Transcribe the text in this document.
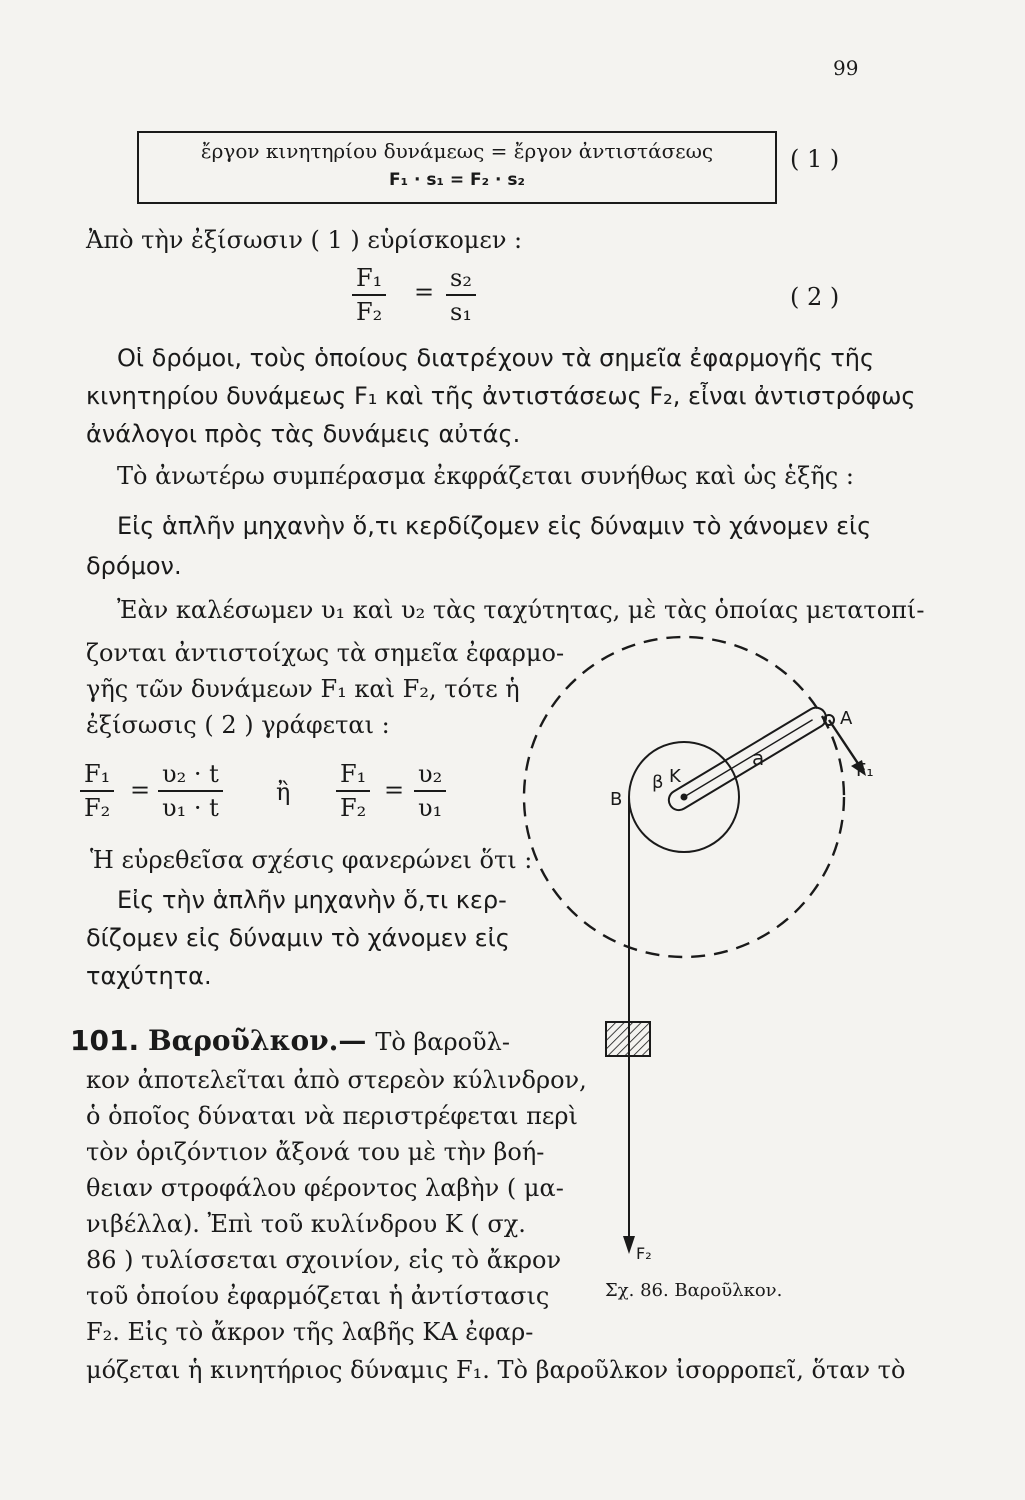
99
ἔργον κινητηρίου δυνάμεως = ἔργον ἀντιστάσεως
F₁ · s₁ = F₂ · s₂
( 1 )
Ἀπὸ τὴν ἐξίσωσιν ( 1 ) εὑρίσκομεν :
F₁
F₂
= s₂
s₁
( 2 )
Οἱ δρόμοι, τοὺς ὁποίους διατρέχουν τὰ σημεῖα ἐφαρμογῆς τῆς
κινητηρίου δυνάμεως F₁ καὶ τῆς ἀντιστάσεως F₂, εἶναι ἀντιστρόφως
ἀνάλογοι πρὸς τὰς δυνάμεις αὐτάς.
Τὸ ἀνωτέρω συμπέρασμα ἐκφράζεται συνήθως καὶ ὡς ἑξῆς :
Εἰς ἁπλῆν μηχανὴν ὅ,τι κερδίζομεν εἰς δύναμιν τὸ χάνομεν εἰς
δρόμον.
Ἐὰν καλέσωμεν υ₁ καὶ υ₂ τὰς ταχύτητας, μὲ τὰς ὁποίας μετατοπί-
ζονται ἀντιστοίχως τὰ σημεῖα ἐφαρμο-
γῆς τῶν δυνάμεων F₁ καὶ F₂, τότε ἡ
ἐξίσωσις ( 2 ) γράφεται :
F₁
F₂
=
υ₂ · t
υ₁ · t
ἢ
F₁
F₂
=
υ₂
υ₁
Ἡ εὑρεθεῖσα σχέσις φανερώνει ὅτι :
Εἰς τὴν ἁπλῆν μηχανὴν ὅ,τι κερ-
δίζομεν εἰς δύναμιν τὸ χάνομεν εἰς
ταχύτητα.
101. Βαροῦλκον.— Τὸ βαροῦλ-
κον ἀποτελεῖται ἀπὸ στερεὸν κύλινδρον,
ὁ ὁποῖος δύναται νὰ περιστρέφεται περὶ
τὸν ὁριζόντιον ἄξονά του μὲ τὴν βοή-
θειαν στροφάλου φέροντος λαβὴν ( μα-
νιβέλλα). Ἐπὶ τοῦ κυλίνδρου Κ ( σχ.
86 ) τυλίσσεται σχοινίον, εἰς τὸ ἄκρον
τοῦ ὁποίου ἐφαρμόζεται ἡ ἀντίστασις
F₂. Εἰς τὸ ἄκρον τῆς λαβῆς ΚΑ ἐφαρ-
μόζεται ἡ κινητήριος δύναμις F₁. Τὸ βαροῦλκον ἰσορροπεῖ, ὅταν τὸ
A
a
F₁
K
β
B
F₂
Σχ. 86. Βαροῦλκον.
